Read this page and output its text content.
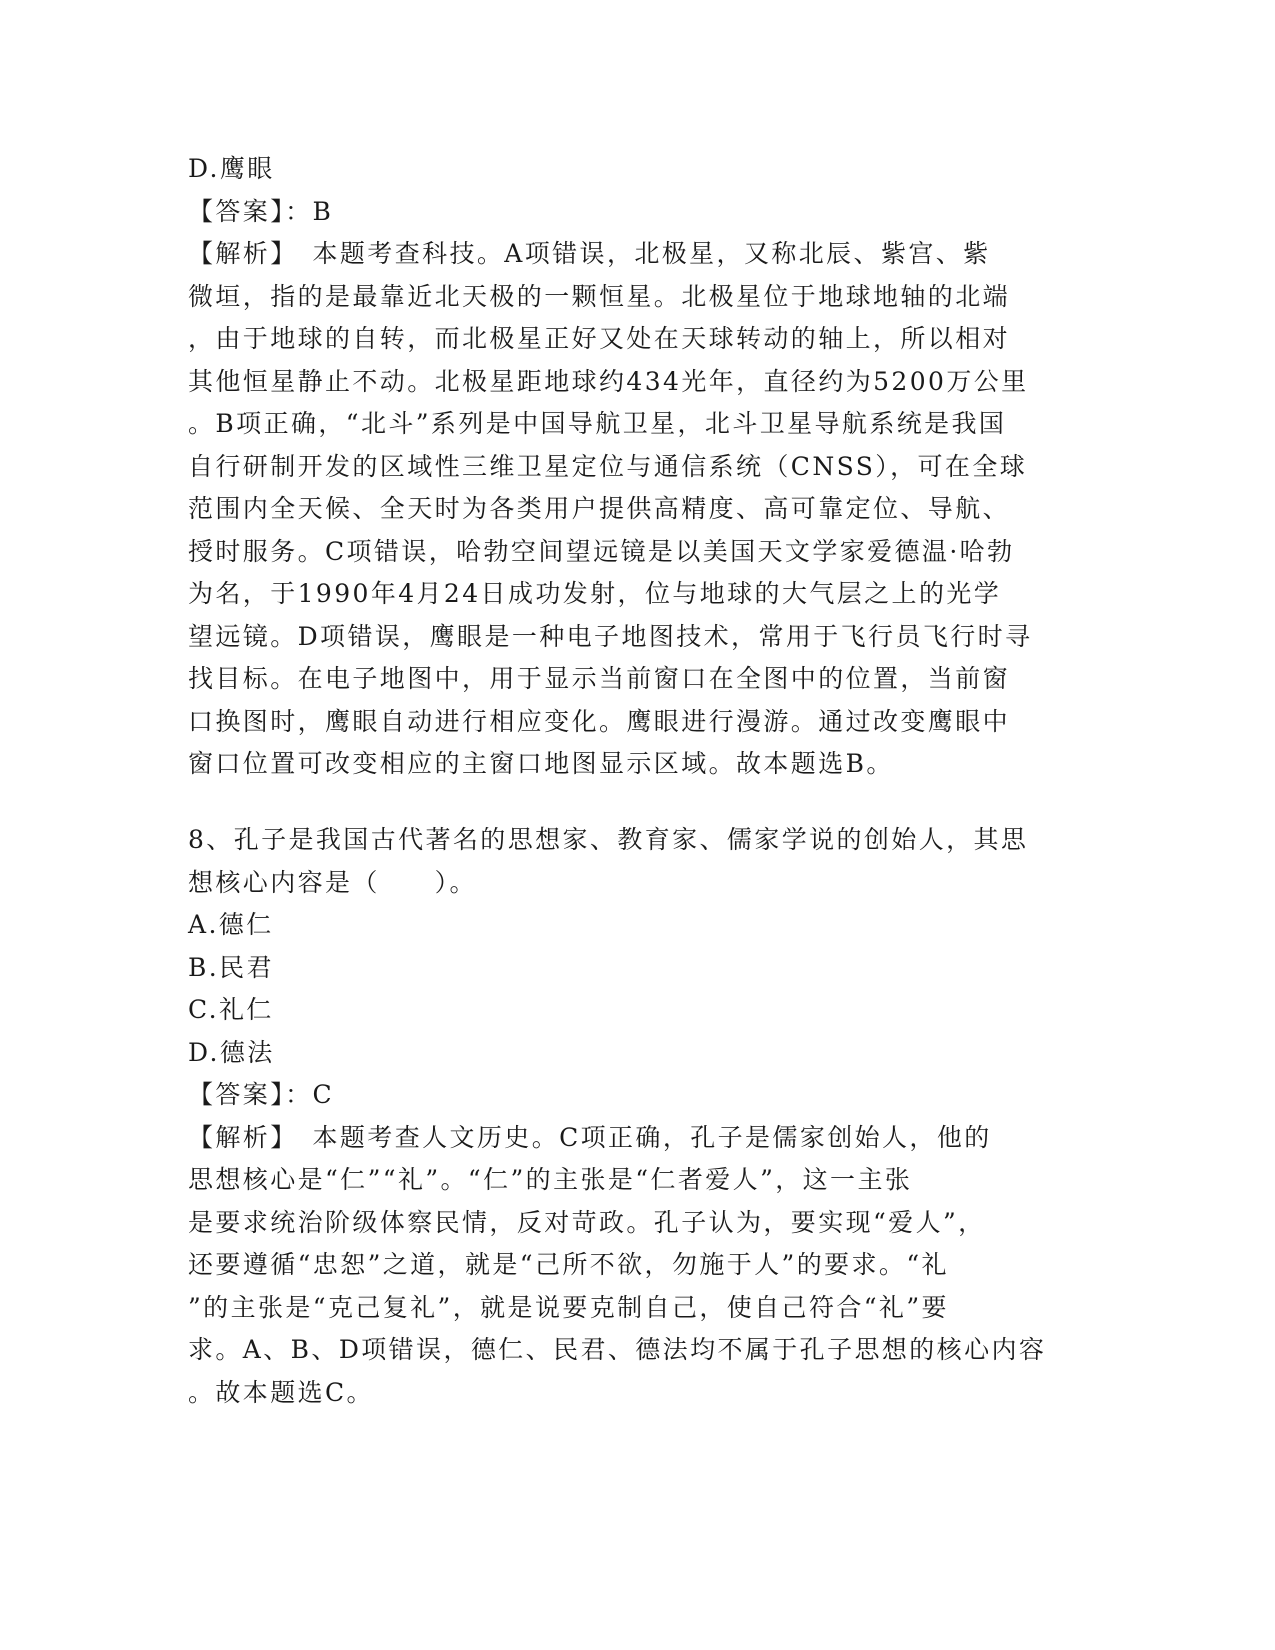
D.鹰眼
【答案】：B
【解析】　本题考查科技。A项错误，北极星，又称北辰、紫宫、紫
微垣，指的是最靠近北天极的一颗恒星。北极星位于地球地轴的北端
，由于地球的自转，而北极星正好又处在天球转动的轴上，所以相对
其他恒星静止不动。北极星距地球约434光年，直径约为5200万公里
。B项正确，“北斗”系列是中国导航卫星，北斗卫星导航系统是我国
自行研制开发的区域性三维卫星定位与通信系统（CNSS），可在全球
范围内全天候、全天时为各类用户提供高精度、高可靠定位、导航、
授时服务。C项错误，哈勃空间望远镜是以美国天文学家爱德温·哈勃
为名，于1990年4月24日成功发射，位与地球的大气层之上的光学
望远镜。D项错误，鹰眼是一种电子地图技术，常用于飞行员飞行时寻
找目标。在电子地图中，用于显示当前窗口在全图中的位置，当前窗
口换图时，鹰眼自动进行相应变化。鹰眼进行漫游。通过改变鹰眼中
窗口位置可改变相应的主窗口地图显示区域。故本题选B。
8、孔子是我国古代著名的思想家、教育家、儒家学说的创始人，其思
想核心内容是（　　）。
A.德仁
B.民君
C.礼仁
D.德法
【答案】：C
【解析】　本题考查人文历史。C项正确，孔子是儒家创始人，他的
思想核心是“仁”“礼”。“仁”的主张是“仁者爱人”，这一主张
是要求统治阶级体察民情，反对苛政。孔子认为，要实现“爱人”，
还要遵循“忠恕”之道，就是“己所不欲，勿施于人”的要求。“礼
”的主张是“克己复礼”，就是说要克制自己，使自己符合“礼”要
求。A、B、D项错误，德仁、民君、德法均不属于孔子思想的核心内容
。故本题选C。
